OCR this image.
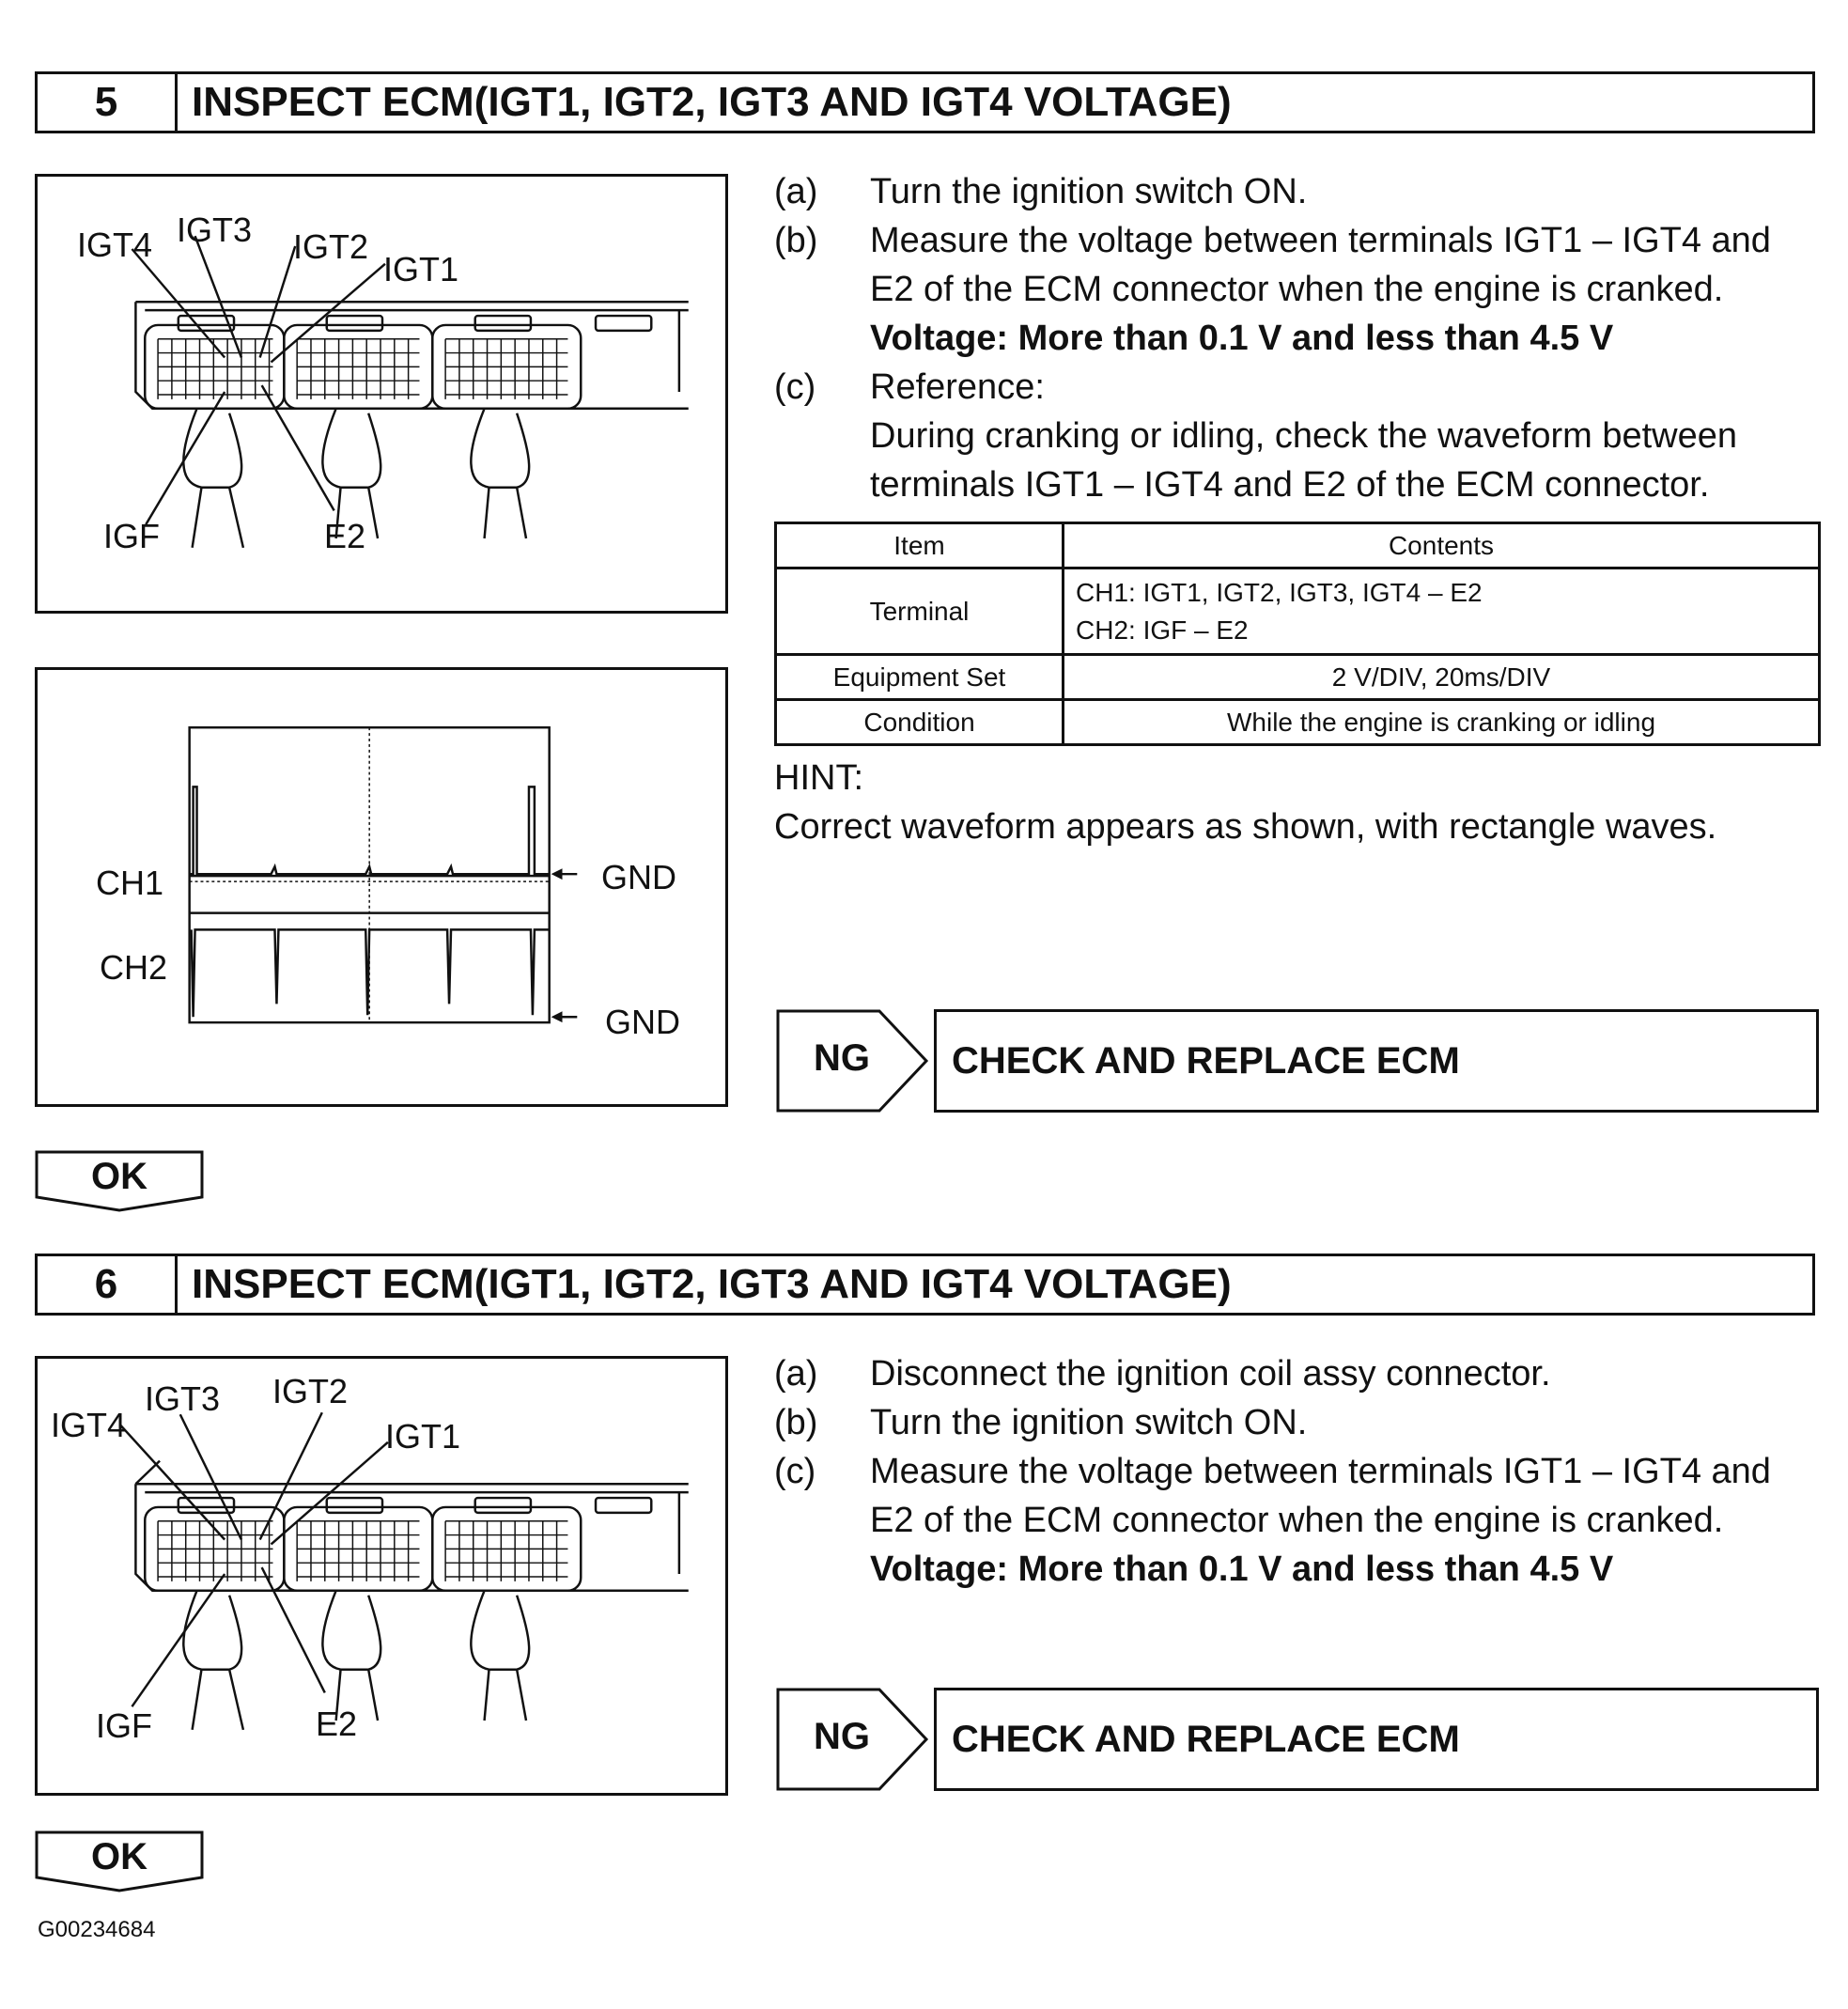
5	INSPECT ECM(IGT1, IGT2, IGT3 AND IGT4 VOLTAGE)
IGT4 IGT3 IGT2
IGT1
IGF	E2
CH1
CH2
GND
GND
(a) Turn the ignition switch ON.
(b) Measure the voltage between terminals IGT1 – IGT4 and
E2 of the ECM connector when the engine is cranked.
Voltage: More than 0.1 V and less than 4.5 V
(c) Reference:
During cranking or idling, check the waveform between
terminals IGT1 – IGT4 and E2 of the ECM connector.
Item	Contents
Terminal	CH1: IGT1, IGT2, IGT3, IGT4 – E2
CH2: IGF – E2

Equipment Set	2 V/DIV, 20ms/DIV
Condition	While the engine is cranking or idling
HINT:
Correct waveform appears as shown, with rectangle waves.
NG	CHECK AND REPLACE ECM
OK
6	INSPECT ECM(IGT1, IGT2, IGT3 AND IGT4 VOLTAGE)
IGT4
IGT3 IGT2
IGT1
IGF	E2
(a) Disconnect the ignition coil assy connector.
(b) Turn the ignition switch ON.
(c) Measure the voltage between terminals IGT1 – IGT4 and
E2 of the ECM connector when the engine is cranked.
Voltage: More than 0.1 V and less than 4.5 V
NG	CHECK AND REPLACE ECM
OK
G00234684
